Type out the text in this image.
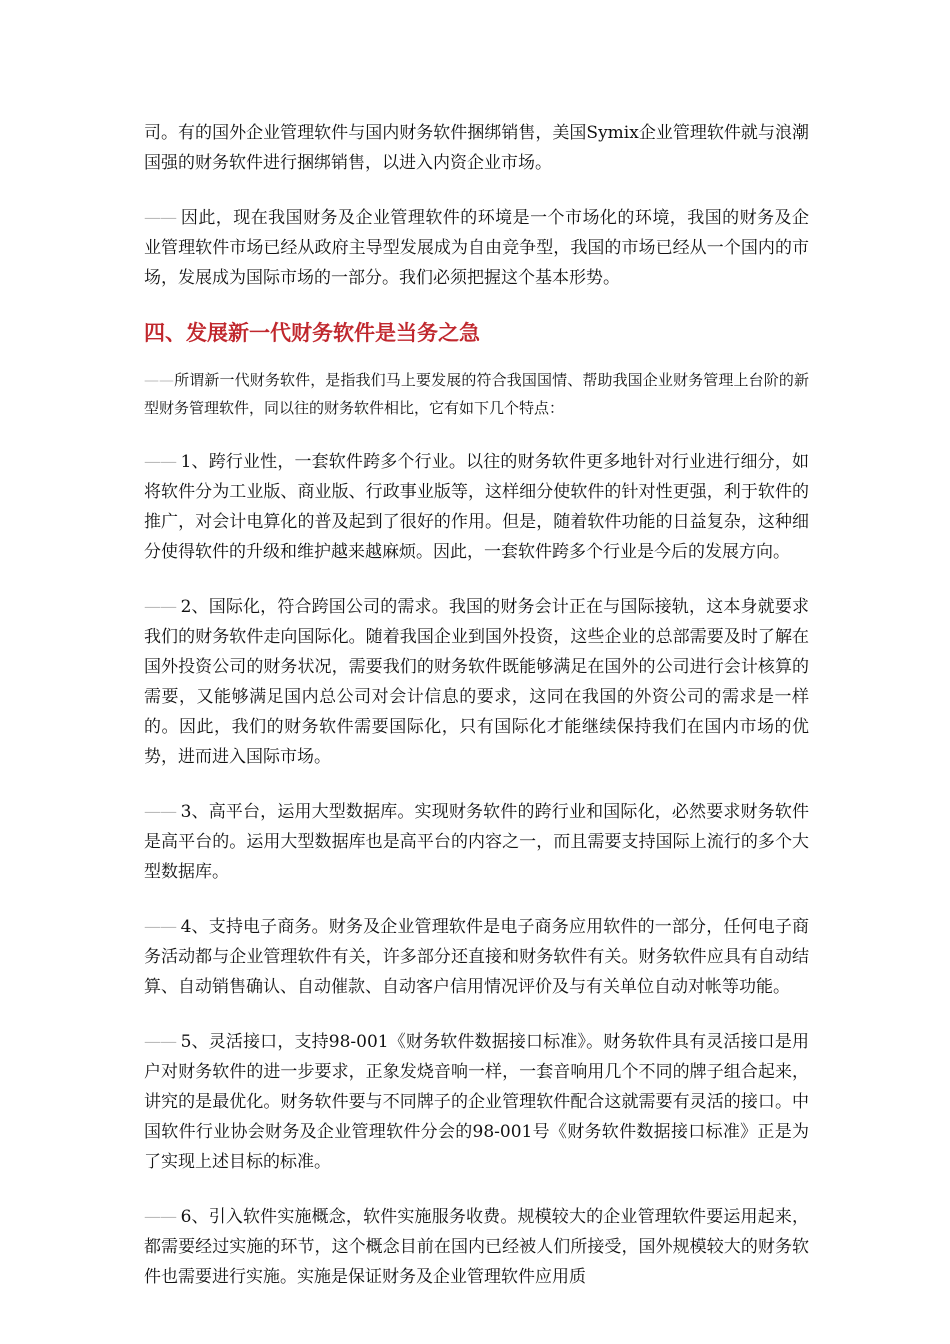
司。有的国外企业管理软件与国内财务软件捆绑销售，美国Symix企业管理软件就与浪潮国强的财务软件进行捆绑销售，以进入内资企业市场。

—— 因此，现在我国财务及企业管理软件的环境是一个市场化的环境，我国的财务及企业管理软件市场已经从政府主导型发展成为自由竞争型，我国的市场已经从一个国内的市场，发展成为国际市场的一部分。我们必须把握这个基本形势。

四、发展新一代财务软件是当务之急

——所谓新一代财务软件，是指我们马上要发展的符合我国国情、帮助我国企业财务管理上台阶的新型财务管理软件，同以往的财务软件相比，它有如下几个特点：

—— 1、跨行业性，一套软件跨多个行业。以往的财务软件更多地针对行业进行细分，如将软件分为工业版、商业版、行政事业版等，这样细分使软件的针对性更强，利于软件的推广，对会计电算化的普及起到了很好的作用。但是，随着软件功能的日益复杂，这种细分使得软件的升级和维护越来越麻烦。因此，一套软件跨多个行业是今后的发展方向。

—— 2、国际化，符合跨国公司的需求。我国的财务会计正在与国际接轨，这本身就要求我们的财务软件走向国际化。随着我国企业到国外投资，这些企业的总部需要及时了解在国外投资公司的财务状况，需要我们的财务软件既能够满足在国外的公司进行会计核算的需要，又能够满足国内总公司对会计信息的要求，这同在我国的外资公司的需求是一样的。因此，我们的财务软件需要国际化，只有国际化才能继续保持我们在国内市场的优势，进而进入国际市场。

—— 3、高平台，运用大型数据库。实现财务软件的跨行业和国际化，必然要求财务软件是高平台的。运用大型数据库也是高平台的内容之一，而且需要支持国际上流行的多个大型数据库。

—— 4、支持电子商务。财务及企业管理软件是电子商务应用软件的一部分，任何电子商务活动都与企业管理软件有关，许多部分还直接和财务软件有关。财务软件应具有自动结算、自动销售确认、自动催款、自动客户信用情况评价及与有关单位自动对帐等功能。

—— 5、灵活接口，支持98-001《财务软件数据接口标准》。财务软件具有灵活接口是用户对财务软件的进一步要求，正象发烧音响一样，一套音响用几个不同的牌子组合起来，讲究的是最优化。财务软件要与不同牌子的企业管理软件配合这就需要有灵活的接口。中国软件行业协会财务及企业管理软件分会的98-001号《财务软件数据接口标准》正是为了实现上述目标的标准。

—— 6、引入软件实施概念，软件实施服务收费。规模较大的企业管理软件要运用起来，都需要经过实施的环节，这个概念目前在国内已经被人们所接受，国外规模较大的财务软件也需要进行实施。实施是保证财务及企业管理软件应用质
